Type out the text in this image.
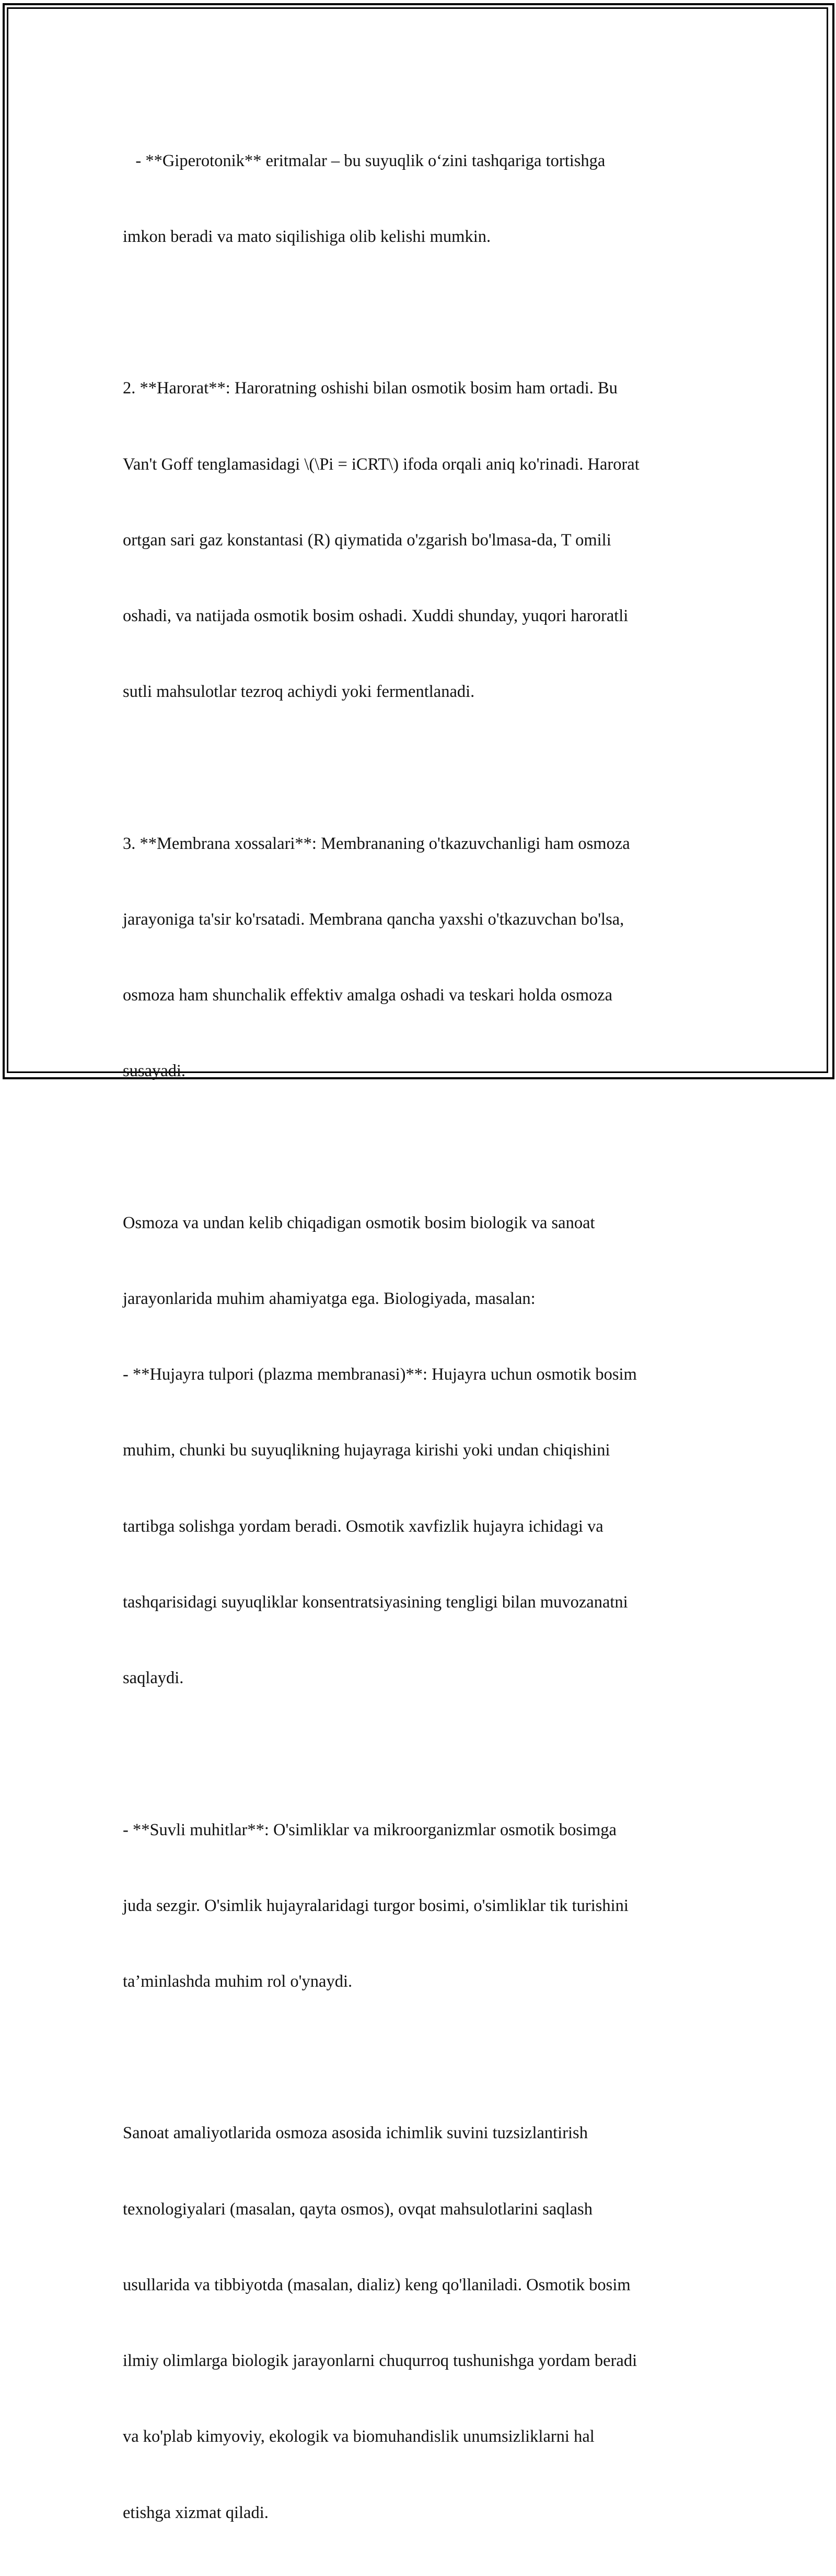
- **Giperotonik** eritmalar – bu suyuqlik o‘zini tashqariga tortishga

imkon beradi va mato siqilishiga olib kelishi mumkin.

2. **Harorat**: Haroratning oshishi bilan osmotik bosim ham ortadi. Bu

Van't Goff tenglamasidagi \(\Pi = iCRT\) ifoda orqali aniq ko'rinadi. Harorat

ortgan sari gaz konstantasi (R) qiymatida o'zgarish bo'lmasa-da, T omili

oshadi, va natijada osmotik bosim oshadi. Xuddi shunday, yuqori haroratli

sutli mahsulotlar tezroq achiydi yoki fermentlanadi.

3. **Membrana xossalari**: Membrananing o'tkazuvchanligi ham osmoza

jarayoniga ta'sir ko'rsatadi. Membrana qancha yaxshi o'tkazuvchan bo'lsa,

osmoza ham shunchalik effektiv amalga oshadi va teskari holda osmoza

susayadi.

Osmoza va undan kelib chiqadigan osmotik bosim biologik va sanoat

jarayonlarida muhim ahamiyatga ega. Biologiyada, masalan:

- **Hujayra tulpori (plazma membranasi)**: Hujayra uchun osmotik bosim

muhim, chunki bu suyuqlikning hujayraga kirishi yoki undan chiqishini

tartibga solishga yordam beradi. Osmotik xavfizlik hujayra ichidagi va

tashqarisidagi suyuqliklar konsentratsiyasining tengligi bilan muvozanatni

saqlaydi.

- **Suvli muhitlar**: O'simliklar va mikroorganizmlar osmotik bosimga

juda sezgir. O'simlik hujayralaridagi turgor bosimi, o'simliklar tik turishini

ta’minlashda muhim rol o'ynaydi.

Sanoat amaliyotlarida osmoza asosida ichimlik suvini tuzsizlantirish

texnologiyalari (masalan, qayta osmos), ovqat mahsulotlarini saqlash

usullarida va tibbiyotda (masalan, dializ) keng qo'llaniladi. Osmotik bosim

ilmiy olimlarga biologik jarayonlarni chuqurroq tushunishga yordam beradi

va ko'plab kimyoviy, ekologik va biomuhandislik unumsizliklarni hal

etishga xizmat qiladi.
